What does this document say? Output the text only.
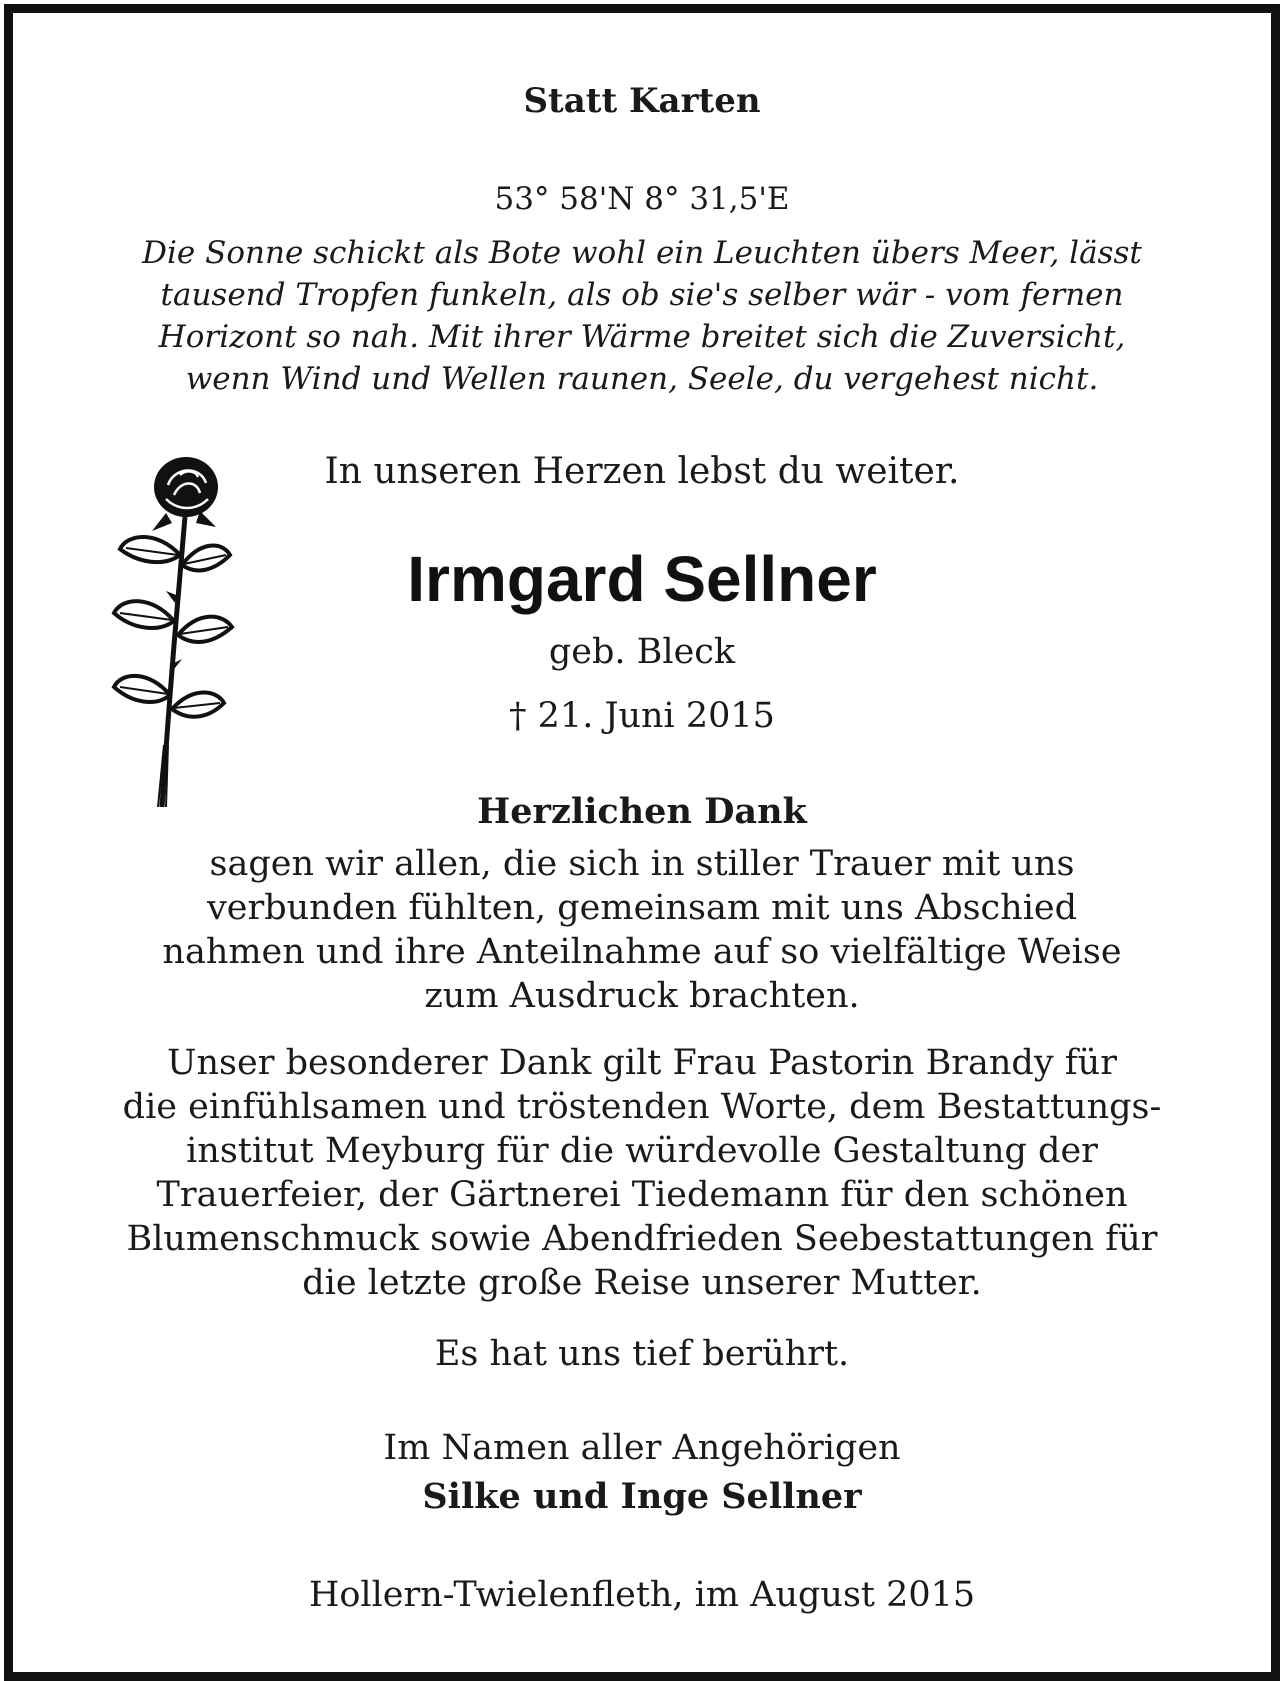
Statt Karten
53° 58'N 8° 31,5'E
Die Sonne schickt als Bote wohl ein Leuchten übers Meer, lässt
tausend Tropfen funkeln, als ob sie's selber wär - vom fernen
Horizont so nah. Mit ihrer Wärme breitet sich die Zuversicht,
wenn Wind und Wellen raunen, Seele, du vergehest nicht.
In unseren Herzen lebst du weiter.
Irmgard Sellner
geb. Bleck
† 21. Juni 2015
Herzlichen Dank
sagen wir allen, die sich in stiller Trauer mit uns
verbunden fühlten, gemeinsam mit uns Abschied
nahmen und ihre Anteilnahme auf so vielfältige Weise
zum Ausdruck brachten.
Unser besonderer Dank gilt Frau Pastorin Brandy für
die einfühlsamen und tröstenden Worte, dem Bestattungs-
institut Meyburg für die würdevolle Gestaltung der
Trauerfeier, der Gärtnerei Tiedemann für den schönen
Blumenschmuck sowie Abendfrieden Seebestattungen für
die letzte große Reise unserer Mutter.
Es hat uns tief berührt.
Im Namen aller Angehörigen
Silke und Inge Sellner
Hollern-Twielenfleth, im August 2015
